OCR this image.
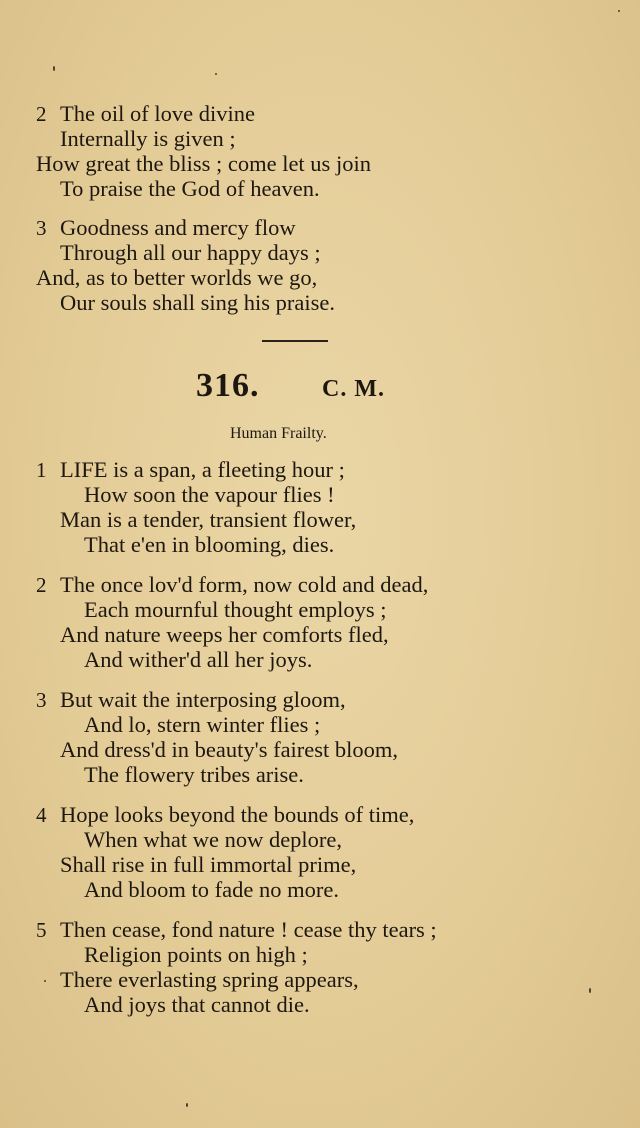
2 The oil of love divine
Internally is given ;
How great the bliss ; come let us join
To praise the God of heaven.
3 Goodness and mercy flow
Through all our happy days ;
And, as to better worlds we go,
Our souls shall sing his praise.
316.	C. M.
Human Frailty.
1 LIFE is a span, a fleeting hour ;
How soon the vapour flies !
Man is a tender, transient flower,
That e'en in blooming, dies.
2 The once lov'd form, now cold and dead,
Each mournful thought employs ;
And nature weeps her comforts fled,
And wither'd all her joys.
3 But wait the interposing gloom,
And lo, stern winter flies ;
And dress'd in beauty's fairest bloom,
The flowery tribes arise.
4 Hope looks beyond the bounds of time,
When what we now deplore,
Shall rise in full immortal prime,
And bloom to fade no more.
5 Then cease, fond nature ! cease thy tears ;
Religion points on high ;
There everlasting spring appears,
And joys that cannot die.
